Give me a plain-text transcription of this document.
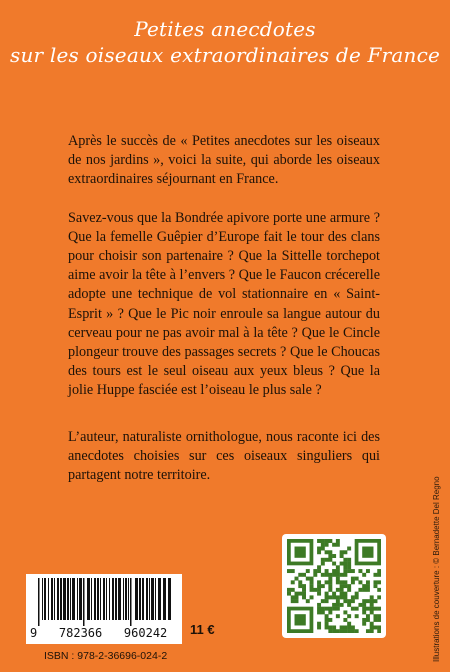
Petites anecdotes
sur les oiseaux extraordinaires de France

Après le succès de « Petites anecdotes sur les oiseaux de nos jardins », voici la suite, qui aborde les oiseaux extraordinaires séjournant en France.

Savez-vous que la Bondrée apivore porte une armure ? Que la femelle Guêpier d’Europe fait le tour des clans pour choisir son partenaire ? Que la Sittelle torchepot aime avoir la tête à l’envers ? Que le Faucon crécerelle adopte une technique de vol stationnaire en « Saint-Esprit » ? Que le Pic noir enroule sa langue autour du cerveau pour ne pas avoir mal à la tête ? Que le Cincle plongeur trouve des passages secrets ? Que le Choucas des tours est le seul oiseau aux yeux bleus ? Que la jolie Huppe fasciée est l’oiseau le plus sale ?

L’auteur, naturaliste ornithologue, nous raconte ici des anecdotes choisies sur ces oiseaux singuliers qui partagent notre territoire.

9   782366   960242	11 €
ISBN : 978-2-36696-024-2	Illustrations de couverture : © Bernadette Del Regno
